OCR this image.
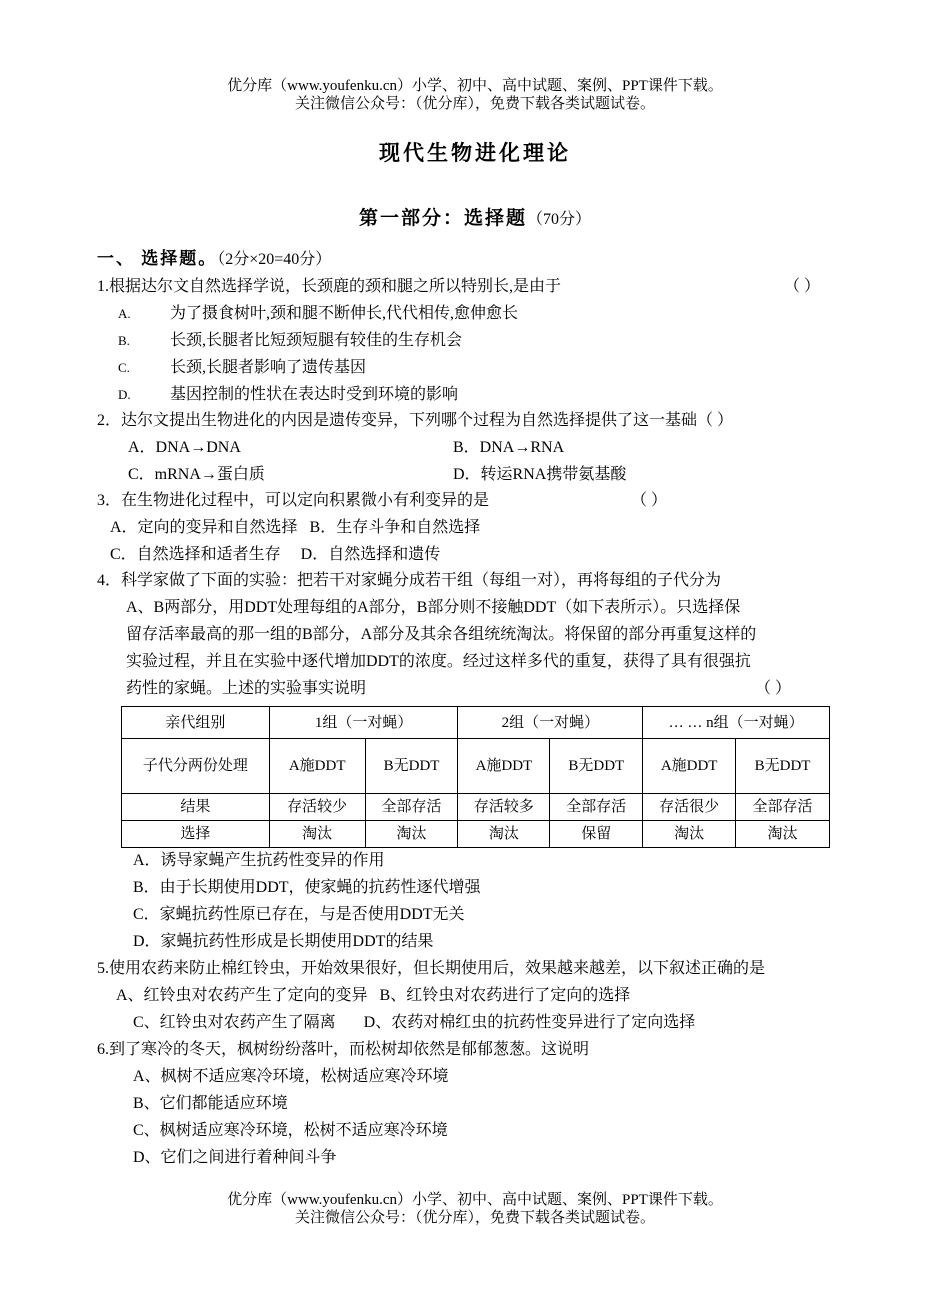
优分库（www.youfenku.cn）小学、初中、高中试题、案例、PPT课件下载。
关注微信公众号：（优分库），免费下载各类试题试卷。
现代生物进化理论
第一部分：选择题（70分）
一、 选择题。（2分×20=40分）
1.根据达尔文自然选择学说，长颈鹿的颈和腿之所以特别长,是由于	（ ）
A. 为了摄食树叶,颈和腿不断伸长,代代相传,愈伸愈长
B.	长颈,长腿者比短颈短腿有较佳的生存机会
C.	长颈,长腿者影响了遗传基因
D. 基因控制的性状在表达时受到环境的影响
2．达尔文提出生物进化的内因是遗传变异，下列哪个过程为自然选择提供了这一基础（ ）
A．DNA→DNA	B．DNA→RNA
C．mRNA→蛋白质	D．转运RNA携带氨基酸
3．在生物进化过程中，可以定向积累微小有利变异的是	（ ）
A．定向的变异和自然选择   B．生存斗争和自然选择
C．自然选择和适者生存     D．自然选择和遗传
4．科学家做了下面的实验：把若干对家蝇分成若干组（每组一对），再将每组的子代分为
A、B两部分，用DDT处理每组的A部分，B部分则不接触DDT（如下表所示）。只选择保
留存活率最高的那一组的B部分，A部分及其余各组统统淘汰。将保留的部分再重复这样的
实验过程，并且在实验中逐代增加DDT的浓度。经过这样多代的重复，获得了具有很强抗
药性的家蝇。上述的实验事实说明	（ ）
亲代组别	1组（一对蝇）		2组（一对蝇）		… … n组（一对蝇）	
子代分两份处理	A施DDT	B无DDT	A施DDT	B无DDT	A施DDT	B无DDT
结果	存活较少	全部存活	存活较多	全部存活	存活很少	全部存活
选择	淘汰	淘汰	淘汰	保留	淘汰	淘汰
A．诱导家蝇产生抗药性变异的作用
B．由于长期使用DDT，使家蝇的抗药性逐代增强
C．家蝇抗药性原已存在，与是否使用DDT无关
D．家蝇抗药性形成是长期使用DDT的结果
5.使用农药来防止棉红铃虫，开始效果很好，但长期使用后，效果越来越差，以下叙述正确的是
A、红铃虫对农药产生了定向的变异   B、红铃虫对农药进行了定向的选择
C、红铃虫对农药产生了隔离       D、农药对棉红虫的抗药性变异进行了定向选择
6.到了寒冷的冬天，枫树纷纷落叶，而松树却依然是郁郁葱葱。这说明
A、枫树不适应寒冷环境，松树适应寒冷环境
B、它们都能适应环境
C、枫树适应寒冷环境，松树不适应寒冷环境
D、它们之间进行着种间斗争
优分库（www.youfenku.cn）小学、初中、高中试题、案例、PPT课件下载。
关注微信公众号：（优分库），免费下载各类试题试卷。
